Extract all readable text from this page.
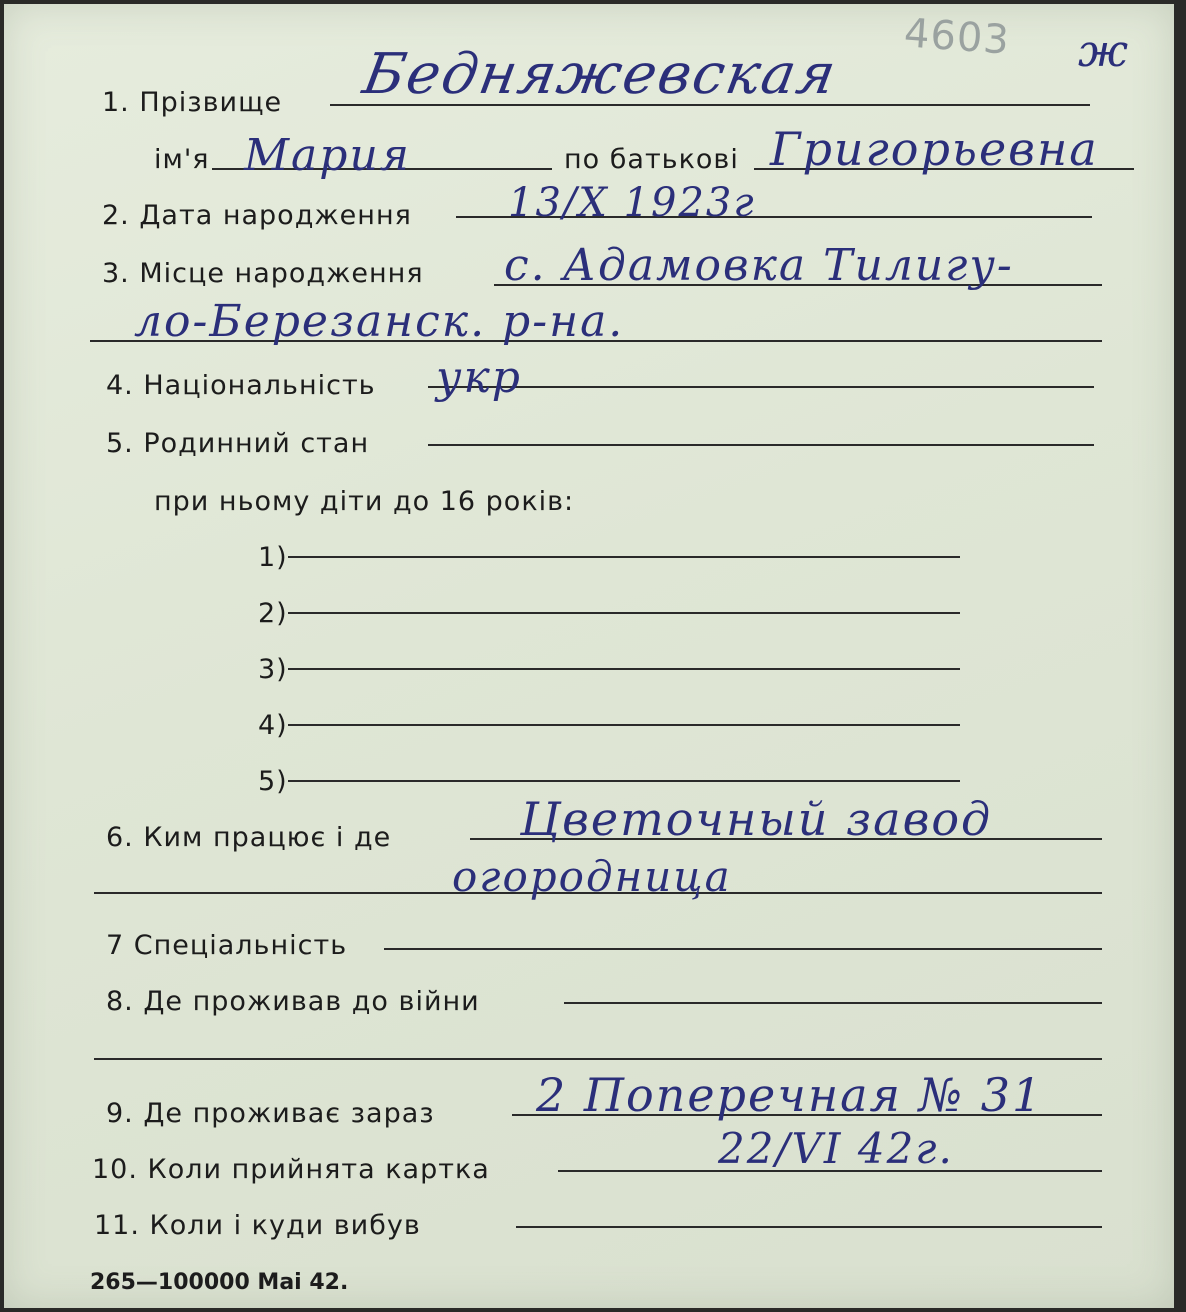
4603 ж
1. Прізвище Бедняжевская
ім'я Мария	по батькові Григорьевна
2. Дата народження 13/X 1923г
3. Місце народження с. Адамовка Тилигу-
ло-Березанск. р-на.
4. Національність укр
5. Родинний стан
при ньому діти до 16 років:
1)
2)
3)
4)
5)
6. Ким працює і де	Цветочный завод
огородница
7 Спеціальність
8. Де проживав до війни
9. Де проживає зараз 2 Поперечная № 31
10. Коли прийнята картка	22/VI 42г.
11. Коли і куди вибув
265—100000 Mai 42.
